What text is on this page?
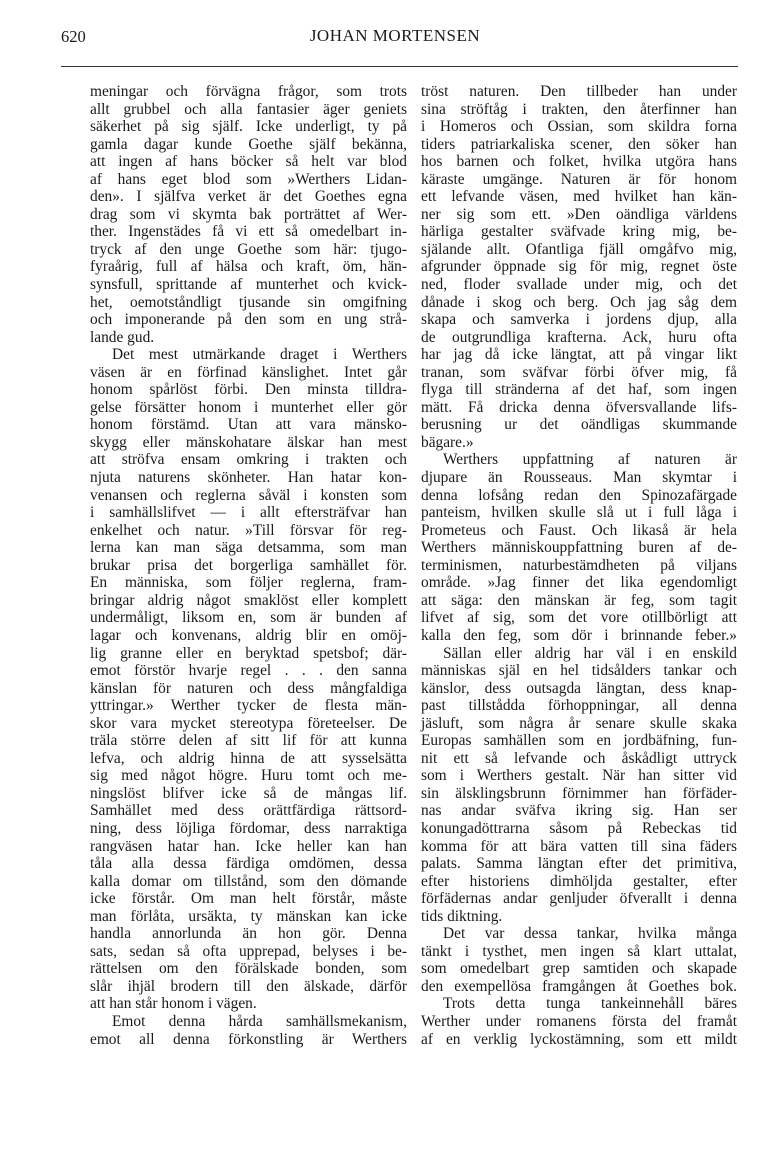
620	JOHAN MORTENSEN
meningar och förvägna frågor, som trots
allt grubbel och alla fantasier äger geniets
säkerhet på sig själf. Icke underligt, ty på
gamla dagar kunde Goethe själf bekänna,
att ingen af hans böcker så helt var blod
af hans eget blod som »Werthers Lidan-
den». I själfva verket är det Goethes egna
drag som vi skymta bak porträttet af Wer-
ther. Ingenstädes få vi ett så omedelbart in-
tryck af den unge Goethe som här: tjugo-
fyraårig, full af hälsa och kraft, öm, hän-
synsfull, sprittande af munterhet och kvick-
het, oemotståndligt tjusande sin omgifning
och imponerande på den som en ung strå-
lande gud.
Det mest utmärkande draget i Werthers
väsen är en förfinad känslighet. Intet går
honom spårlöst förbi. Den minsta tilldra-
gelse försätter honom i munterhet eller gör
honom förstämd. Utan att vara mänsko-
skygg eller mänskohatare älskar han mest
att ströfva ensam omkring i trakten och
njuta naturens skönheter. Han hatar kon-
venansen och reglerna såväl i konsten som
i samhällslifvet — i allt eftersträfvar han
enkelhet och natur. »Till försvar för reg-
lerna kan man säga detsamma, som man
brukar prisa det borgerliga samhället för.
En människa, som följer reglerna, fram-
bringar aldrig något smaklöst eller komplett
undermåligt, liksom en, som är bunden af
lagar och konvenans, aldrig blir en omöj-
lig granne eller en beryktad spetsbof; där-
emot förstör hvarje regel . . . den sanna
känslan för naturen och dess mångfaldiga
yttringar.» Werther tycker de flesta män-
skor vara mycket stereotypa företeelser. De
träla större delen af sitt lif för att kunna
lefva, och aldrig hinna de att sysselsätta
sig med något högre. Huru tomt och me-
ningslöst blifver icke så de mångas lif.
Samhället med dess orättfärdiga rättsord-
ning, dess löjliga fördomar, dess narraktiga
rangväsen hatar han. Icke heller kan han
tåla alla dessa färdiga omdömen, dessa
kalla domar om tillstånd, som den dömande
icke förstår. Om man helt förstår, måste
man förlåta, ursäkta, ty mänskan kan icke
handla annorlunda än hon gör. Denna
sats, sedan så ofta upprepad, belyses i be-
rättelsen om den förälskade bonden, som
slår ihjäl brodern till den älskade, därför
att han står honom i vägen.
Emot denna hårda samhällsmekanism,
emot all denna förkonstling är Werthers
tröst naturen. Den tillbeder han under
sina ströftåg i trakten, den återfinner han
i Homeros och Ossian, som skildra forna
tiders patriarkaliska scener, den söker han
hos barnen och folket, hvilka utgöra hans
käraste umgänge. Naturen är för honom
ett lefvande väsen, med hvilket han kän-
ner sig som ett. »Den oändliga världens
härliga gestalter sväfvade kring mig, be-
själande allt. Ofantliga fjäll omgåfvo mig,
afgrunder öppnade sig för mig, regnet öste
ned, floder svallade under mig, och det
dånade i skog och berg. Och jag såg dem
skapa och samverka i jordens djup, alla
de outgrundliga krafterna. Ack, huru ofta
har jag då icke längtat, att på vingar likt
tranan, som sväfvar förbi öfver mig, få
flyga till stränderna af det haf, som ingen
mätt. Få dricka denna öfversvallande lifs-
berusning ur det oändligas skummande
bägare.»
Werthers uppfattning af naturen är
djupare än Rousseaus. Man skymtar i
denna lofsång redan den Spinozafärgade
panteism, hvilken skulle slå ut i full låga i
Prometeus och Faust. Och likaså är hela
Werthers människouppfattning buren af de-
terminismen, naturbestämdheten på viljans
område. »Jag finner det lika egendomligt
att säga: den mänskan är feg, som tagit
lifvet af sig, som det vore otillbörligt att
kalla den feg, som dör i brinnande feber.»
Sällan eller aldrig har väl i en enskild
människas själ en hel tidsålders tankar och
känslor, dess outsagda längtan, dess knap-
past tillstådda förhoppningar, all denna
jäsluft, som några år senare skulle skaka
Europas samhällen som en jordbäfning, fun-
nit ett så lefvande och åskådligt uttryck
som i Werthers gestalt. När han sitter vid
sin älsklingsbrunn förnimmer han förfäder-
nas andar sväfva ikring sig. Han ser
konungadöttrarna såsom på Rebeckas tid
komma för att bära vatten till sina fäders
palats. Samma längtan efter det primitiva,
efter historiens dimhöljda gestalter, efter
förfädernas andar genljuder öfverallt i denna
tids diktning.
Det var dessa tankar, hvilka många
tänkt i tysthet, men ingen så klart uttalat,
som omedelbart grep samtiden och skapade
den exempellösa framgången åt Goethes bok.
Trots detta tunga tankeinnehåll bäres
Werther under romanens första del framåt
af en verklig lyckostämning, som ett mildt
